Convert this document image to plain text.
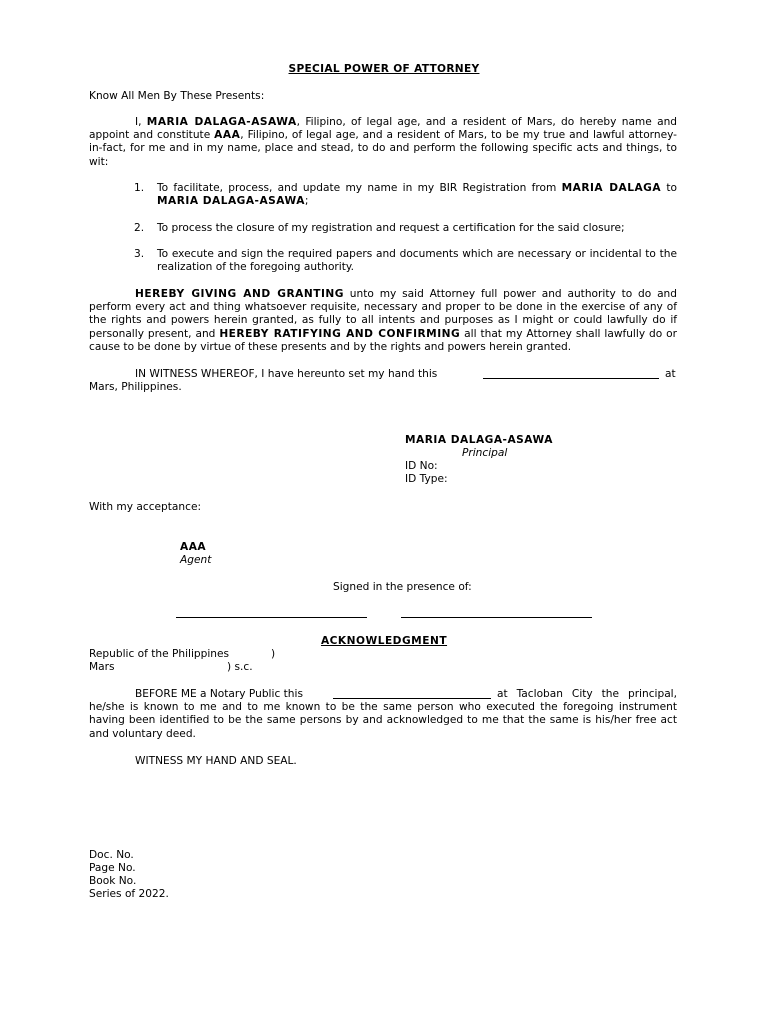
SPECIAL POWER OF ATTORNEY
Know All Men By These Presents:
I, MARIA DALAGA-ASAWA, Filipino, of legal age, and a resident of Mars, do hereby name and appoint and constitute AAA, Filipino, of legal age, and a resident of Mars, to be my true and lawful attorney-in-fact, for me and in my name, place and stead, to do and perform the following specific acts and things, to wit:
1. To facilitate, process, and update my name in my BIR Registration from MARIA DALAGA to MARIA DALAGA-ASAWA;
2. To process the closure of my registration and request a certification for the said closure;
3. To execute and sign the required papers and documents which are necessary or incidental to the realization of the foregoing authority.
HEREBY GIVING AND GRANTING unto my said Attorney full power and authority to do and perform every act and thing whatsoever requisite, necessary and proper to be done in the exercise of any of the rights and powers herein granted, as fully to all intents and purposes as I might or could lawfully do if personally present, and HEREBY RATIFYING AND CONFIRMING all that my Attorney shall lawfully do or cause to be done by virtue of these presents and by the rights and powers herein granted.
IN WITNESS WHEREOF, I have hereunto set my hand this	at
Mars, Philippines.
MARIA DALAGA-ASAWA
Principal
ID No:
ID Type:
With my acceptance:
AAA
Agent
Signed in the presence of:
ACKNOWLEDGMENT
Republic of the Philippines	)
Mars	) s.c.
BEFORE ME a Notary Public this	at Tacloban City the principal, he/she is known to me and to me known to be the same person who executed the foregoing instrument having been identified to be the same persons by and acknowledged to me that the same is his/her free act and voluntary deed.
WITNESS MY HAND AND SEAL.
Doc. No.
Page No.
Book No.
Series of 2022.
